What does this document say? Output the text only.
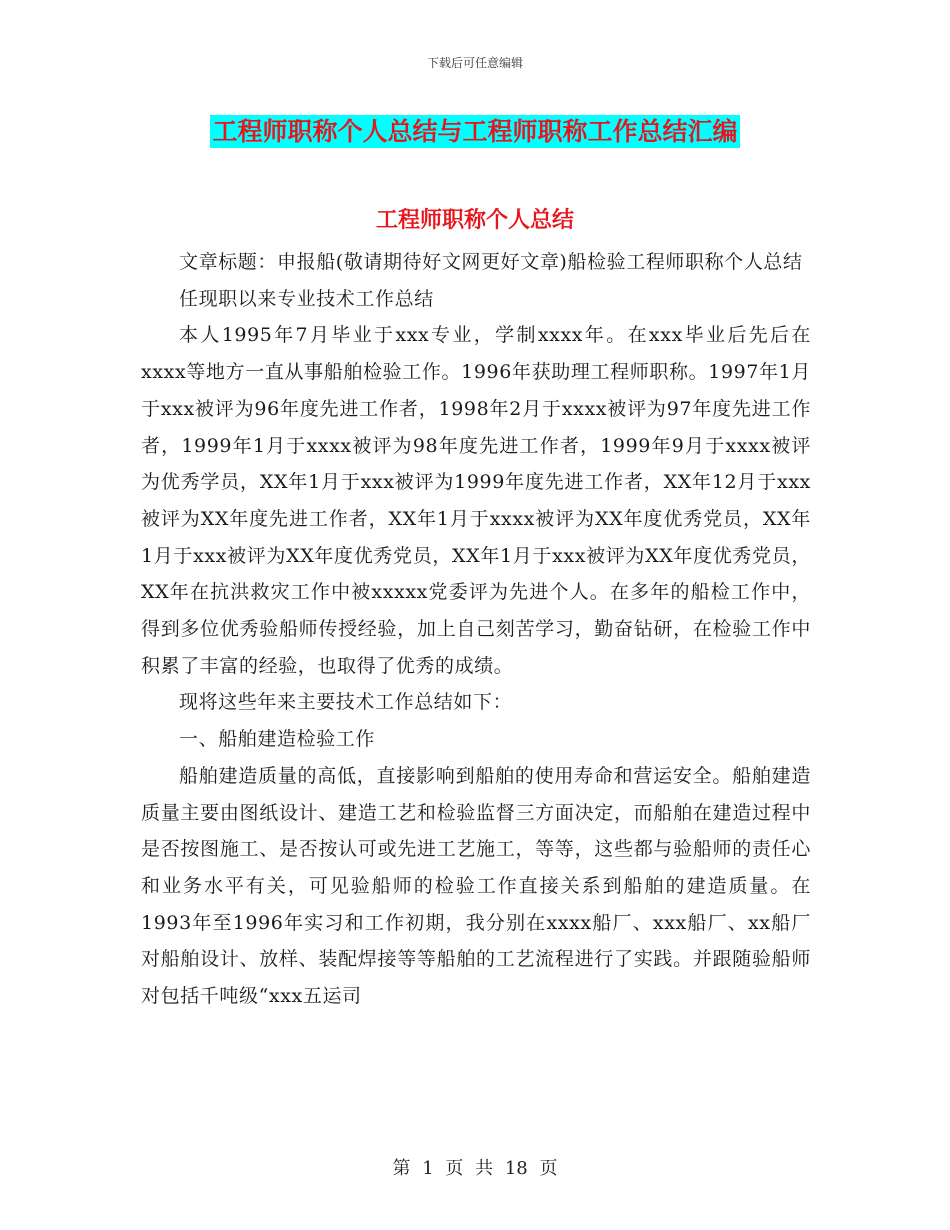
下载后可任意编辑
工程师职称个人总结与工程师职称工作总结汇编
工程师职称个人总结

文章标题：申报船(敬请期待好文网更好文章)船检验工程师职称个人总结

任现职以来专业技术工作总结

本人1995年7月毕业于xxx专业，学制xxxx年。在xxx毕业后先后在xxxx等地方一直从事船舶检验工作。1996年获助理工程师职称。1997年1月于xxx被评为96年度先进工作者，1998年2月于xxxx被评为97年度先进工作者，1999年1月于xxxx被评为98年度先进工作者，1999年9月于xxxx被评为优秀学员，XX年1月于xxx被评为1999年度先进工作者，XX年12月于xxx被评为XX年度先进工作者，XX年1月于xxxx被评为XX年度优秀党员，XX年1月于xxx被评为XX年度优秀党员，XX年1月于xxx被评为XX年度优秀党员，XX年在抗洪救灾工作中被xxxxx党委评为先进个人。在多年的船检工作中，得到多位优秀验船师传授经验，加上自己刻苦学习，勤奋钻研，在检验工作中积累了丰富的经验，也取得了优秀的成绩。

现将这些年来主要技术工作总结如下：

一、船舶建造检验工作

船舶建造质量的高低，直接影响到船舶的使用寿命和营运安全。船舶建造质量主要由图纸设计、建造工艺和检验监督三方面决定，而船舶在建造过程中是否按图施工、是否按认可或先进工艺施工，等等，这些都与验船师的责任心和业务水平有关，可见验船师的检验工作直接关系到船舶的建造质量。在1993年至1996年实习和工作初期，我分别在xxxx船厂、xxx船厂、xx船厂对船舶设计、放样、装配焊接等等船舶的工艺流程进行了实践。并跟随验船师对包括千吨级“xxx五运司

第 1 页 共 18 页
